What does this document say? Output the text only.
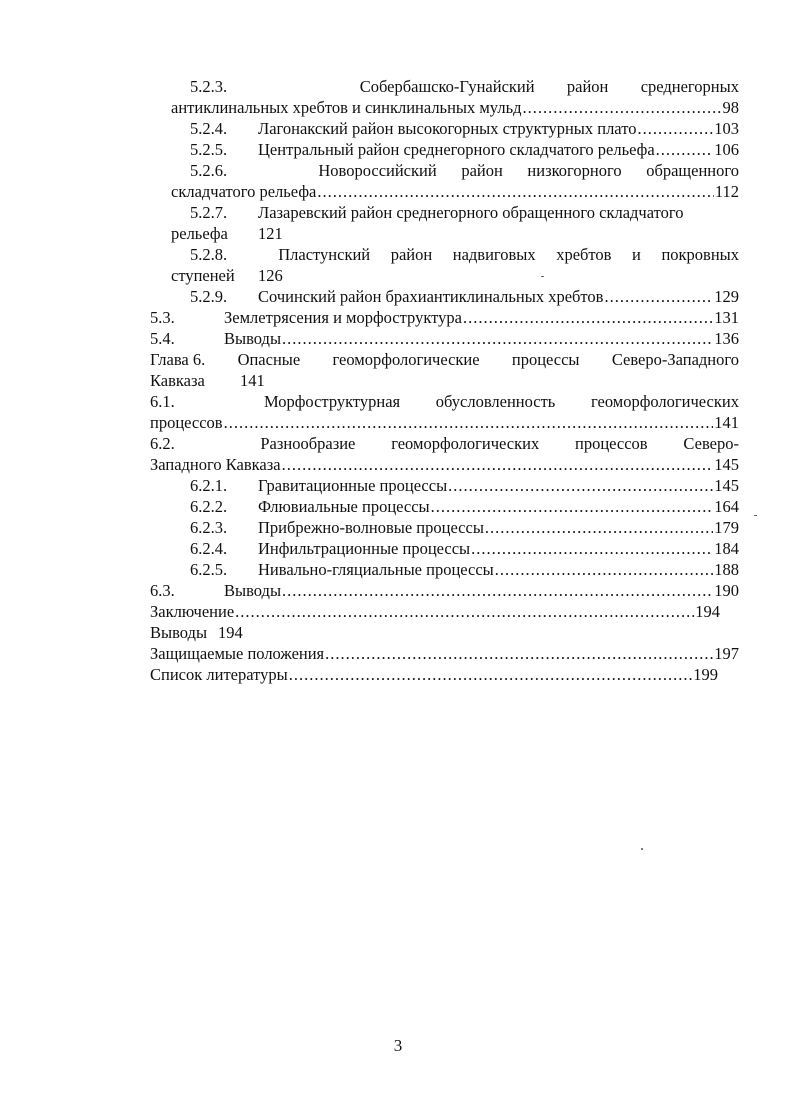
5.2.3.	Собербашско-Гунайский район среднегорных
антиклинальных хребтов и синклинальных мульд .....	98
5.2.4.	Лагонакский район высокогорных структурных плато .....	103
5.2.5.	Центральный район среднегорного складчатого рельефа .....	106
5.2.6.	Новороссийский район низкогорного обращенного
складчатого рельефа .....	112
5.2.7.	Лазаревский район среднегорного обращенного складчатого
рельефа 121
5.2.8.	Пластунский район надвиговых хребтов и покровных
ступеней 126
5.2.9.	Сочинский район брахиантиклинальных хребтов .....	129
5.3.	Землетрясения и морфоструктура .....	131
5.4.	Выводы .....	136
Глава 6. Опасные геоморфологические процессы Северо-Западного
Кавказа 141
6.1.	Морфоструктурная обусловленность геоморфологических
процессов .....	141
6.2.	Разнообразие геоморфологических процессов Северо-
Западного Кавказа .....	145
6.2.1.	Гравитационные процессы .....	145
6.2.2.	Флювиальные процессы .....	164
6.2.3.	Прибрежно-волновые процессы .....	179
6.2.4.	Инфильтрационные процессы .....	184
6.2.5.	Нивально-гляциальные процессы .....	188
6.3.	Выводы .....	190
Заключение .....	194
Выводы 194
Защищаемые положения .....	197
Список литературы .....	199
3
